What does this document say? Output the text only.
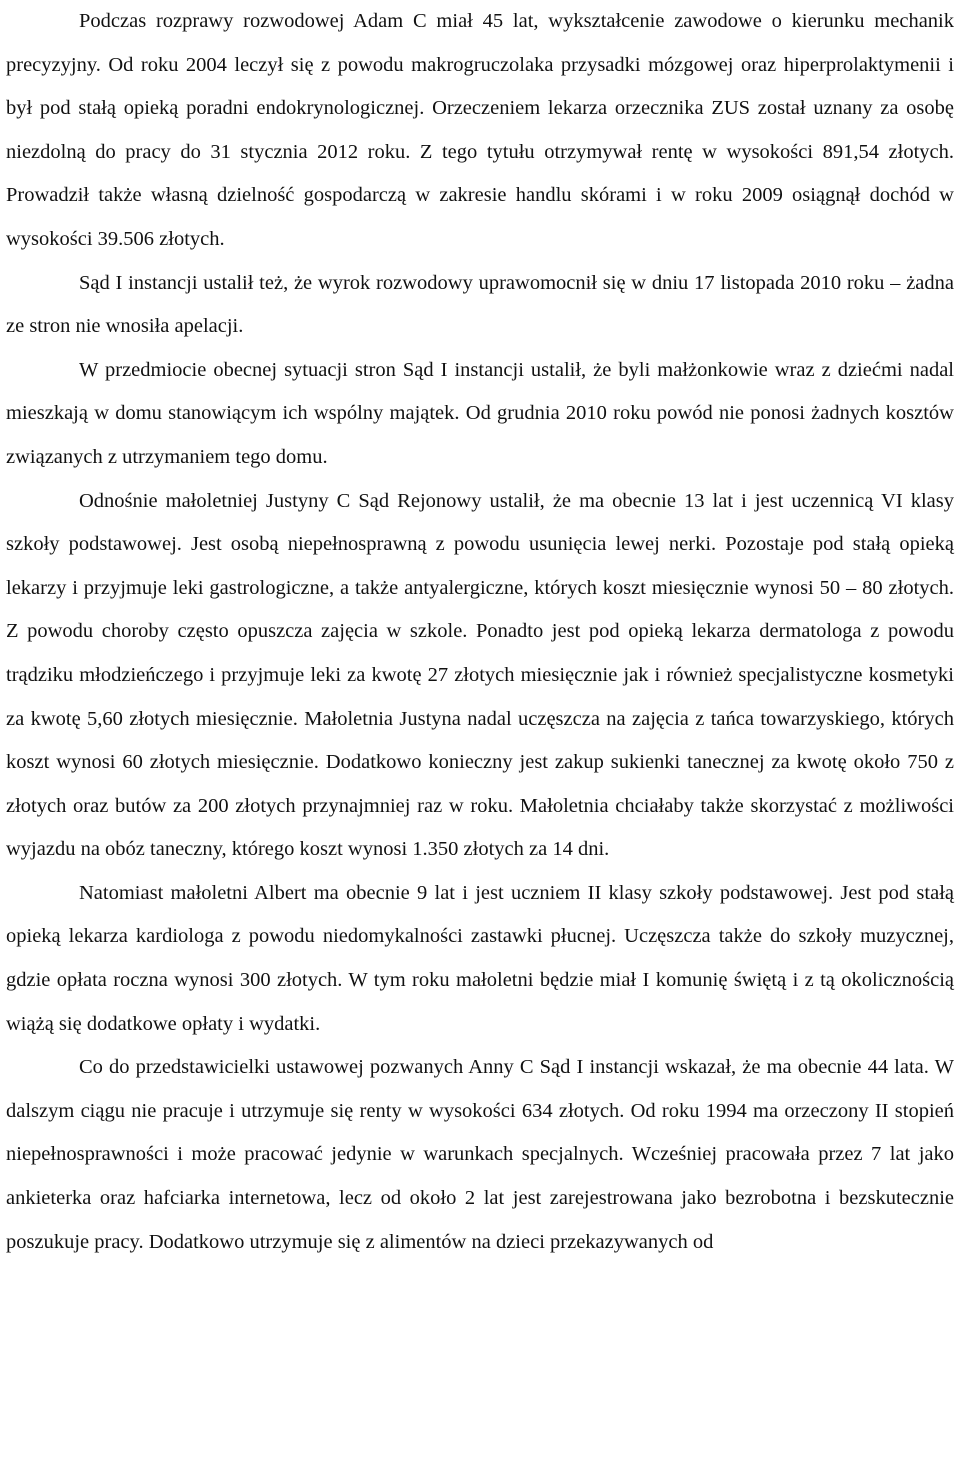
Podczas rozprawy rozwodowej Adam C miał 45 lat, wykształcenie zawodowe o kierunku mechanik precyzyjny. Od roku 2004 leczył się z powodu makrogruczolaka przysadki mózgowej oraz hiperprolaktymenii i był pod stałą opieką poradni endokrynologicznej. Orzeczeniem lekarza orzecznika ZUS został uznany za osobę niezdolną do pracy do 31 stycznia 2012 roku. Z tego tytułu otrzymywał rentę w wysokości 891,54 złotych. Prowadził także własną dzielność gospodarczą w zakresie handlu skórami i w roku 2009 osiągnął dochód w wysokości 39.506 złotych.

Sąd I instancji ustalił też, że wyrok rozwodowy uprawomocnił się w dniu 17 listopada 2010 roku – żadna ze stron nie wnosiła apelacji.

W przedmiocie obecnej sytuacji stron Sąd I instancji ustalił, że byli małżonkowie wraz z dziećmi nadal mieszkają w domu stanowiącym ich wspólny majątek. Od grudnia 2010 roku powód nie ponosi żadnych kosztów związanych z utrzymaniem tego domu.

Odnośnie małoletniej Justyny C Sąd Rejonowy ustalił, że ma obecnie 13 lat i jest uczennicą VI klasy szkoły podstawowej. Jest osobą niepełnosprawną z powodu usunięcia lewej nerki. Pozostaje pod stałą opieką lekarzy i przyjmuje leki gastrologiczne, a także antyalergiczne, których koszt miesięcznie wynosi 50 – 80 złotych. Z powodu choroby często opuszcza zajęcia w szkole. Ponadto jest pod opieką lekarza dermatologa z powodu trądziku młodzieńczego i przyjmuje leki za kwotę 27 złotych miesięcznie jak i również specjalistyczne kosmetyki za kwotę 5,60 złotych miesięcznie. Małoletnia Justyna nadal uczęszcza na zajęcia z tańca towarzyskiego, których koszt wynosi 60 złotych miesięcznie. Dodatkowo konieczny jest zakup sukienki tanecznej za kwotę około 750 z złotych oraz butów za 200 złotych przynajmniej raz w roku. Małoletnia chciałaby także skorzystać z możliwości wyjazdu na obóz taneczny, którego koszt wynosi 1.350 złotych za 14 dni.

Natomiast małoletni Albert ma obecnie 9 lat i jest uczniem II klasy szkoły podstawowej. Jest pod stałą opieką lekarza kardiologa z powodu niedomykalności zastawki płucnej. Uczęszcza także do szkoły muzycznej, gdzie opłata roczna wynosi 300 złotych. W tym roku małoletni będzie miał I komunię świętą i z tą okolicznością wiążą się dodatkowe opłaty i wydatki.

Co do przedstawicielki ustawowej pozwanych Anny C Sąd I instancji wskazał, że ma obecnie 44 lata. W dalszym ciągu nie pracuje i utrzymuje się renty w wysokości 634 złotych. Od roku 1994 ma orzeczony II stopień niepełnosprawności i może pracować jedynie w warunkach specjalnych. Wcześniej pracowała przez 7 lat jako ankieterka oraz hafciarka internetowa, lecz od około 2 lat jest zarejestrowana jako bezrobotna i bezskutecznie poszukuje pracy. Dodatkowo utrzymuje się z alimentów na dzieci przekazywanych od
